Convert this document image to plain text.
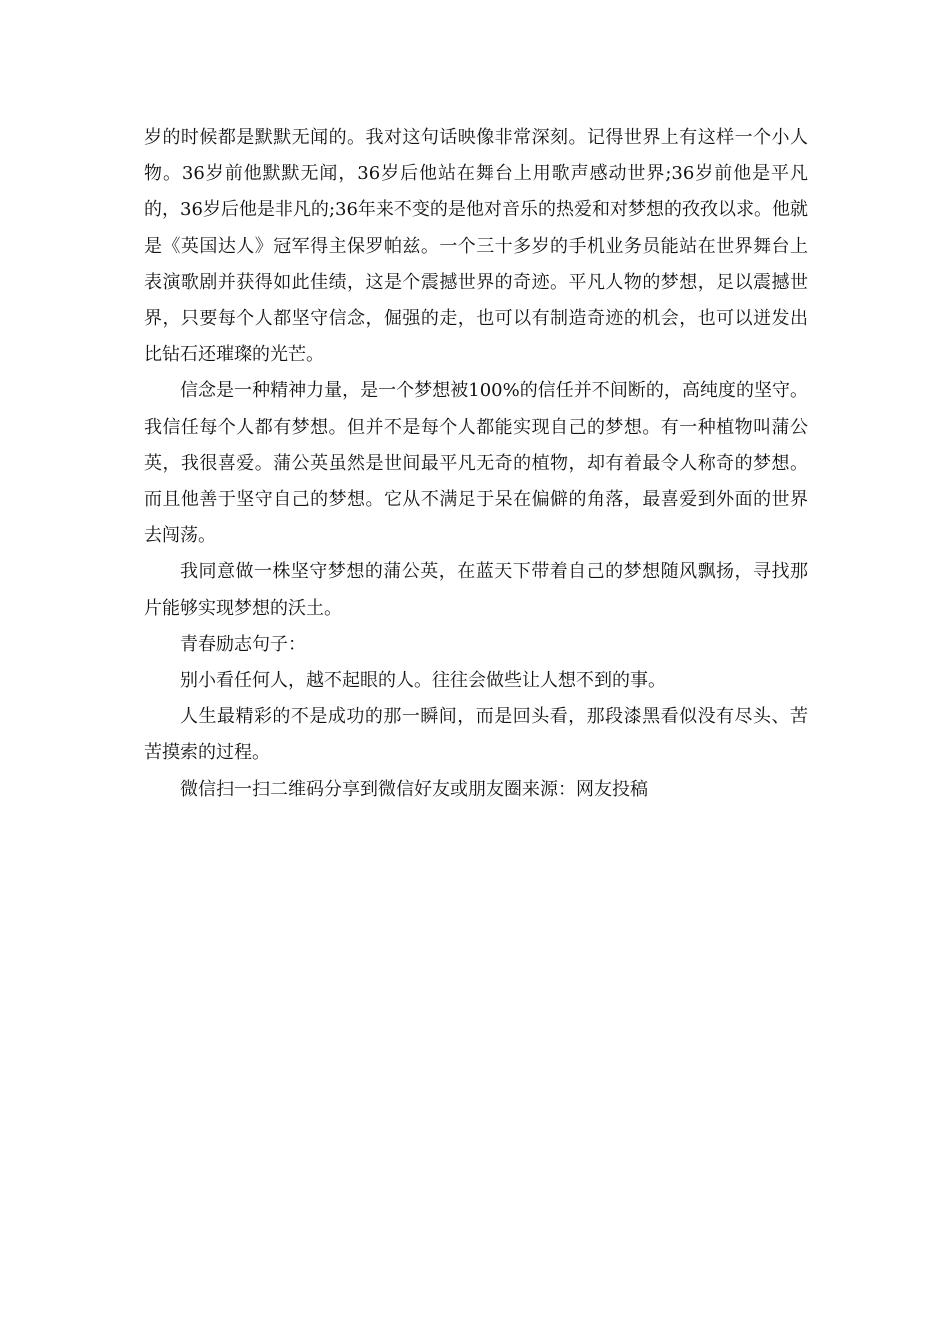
岁的时候都是默默无闻的。我对这句话映像非常深刻。记得世界上有这样一个小人物。36岁前他默默无闻，36岁后他站在舞台上用歌声感动世界;36岁前他是平凡的，36岁后他是非凡的;36年来不变的是他对音乐的热爱和对梦想的孜孜以求。他就是《英国达人》冠军得主保罗帕兹。一个三十多岁的手机业务员能站在世界舞台上表演歌剧并获得如此佳绩，这是个震撼世界的奇迹。平凡人物的梦想，足以震撼世界，只要每个人都坚守信念，倔强的走，也可以有制造奇迹的机会，也可以迸发出比钻石还璀璨的光芒。

信念是一种精神力量，是一个梦想被100%的信任并不间断的，高纯度的坚守。我信任每个人都有梦想。但并不是每个人都能实现自己的梦想。有一种植物叫蒲公英，我很喜爱。蒲公英虽然是世间最平凡无奇的植物，却有着最令人称奇的梦想。而且他善于坚守自己的梦想。它从不满足于呆在偏僻的角落，最喜爱到外面的世界去闯荡。

我同意做一株坚守梦想的蒲公英，在蓝天下带着自己的梦想随风飘扬，寻找那片能够实现梦想的沃土。

青春励志句子：

别小看任何人，越不起眼的人。往往会做些让人想不到的事。

人生最精彩的不是成功的那一瞬间，而是回头看，那段漆黑看似没有尽头、苦苦摸索的过程。

微信扫一扫二维码分享到微信好友或朋友圈来源：网友投稿
